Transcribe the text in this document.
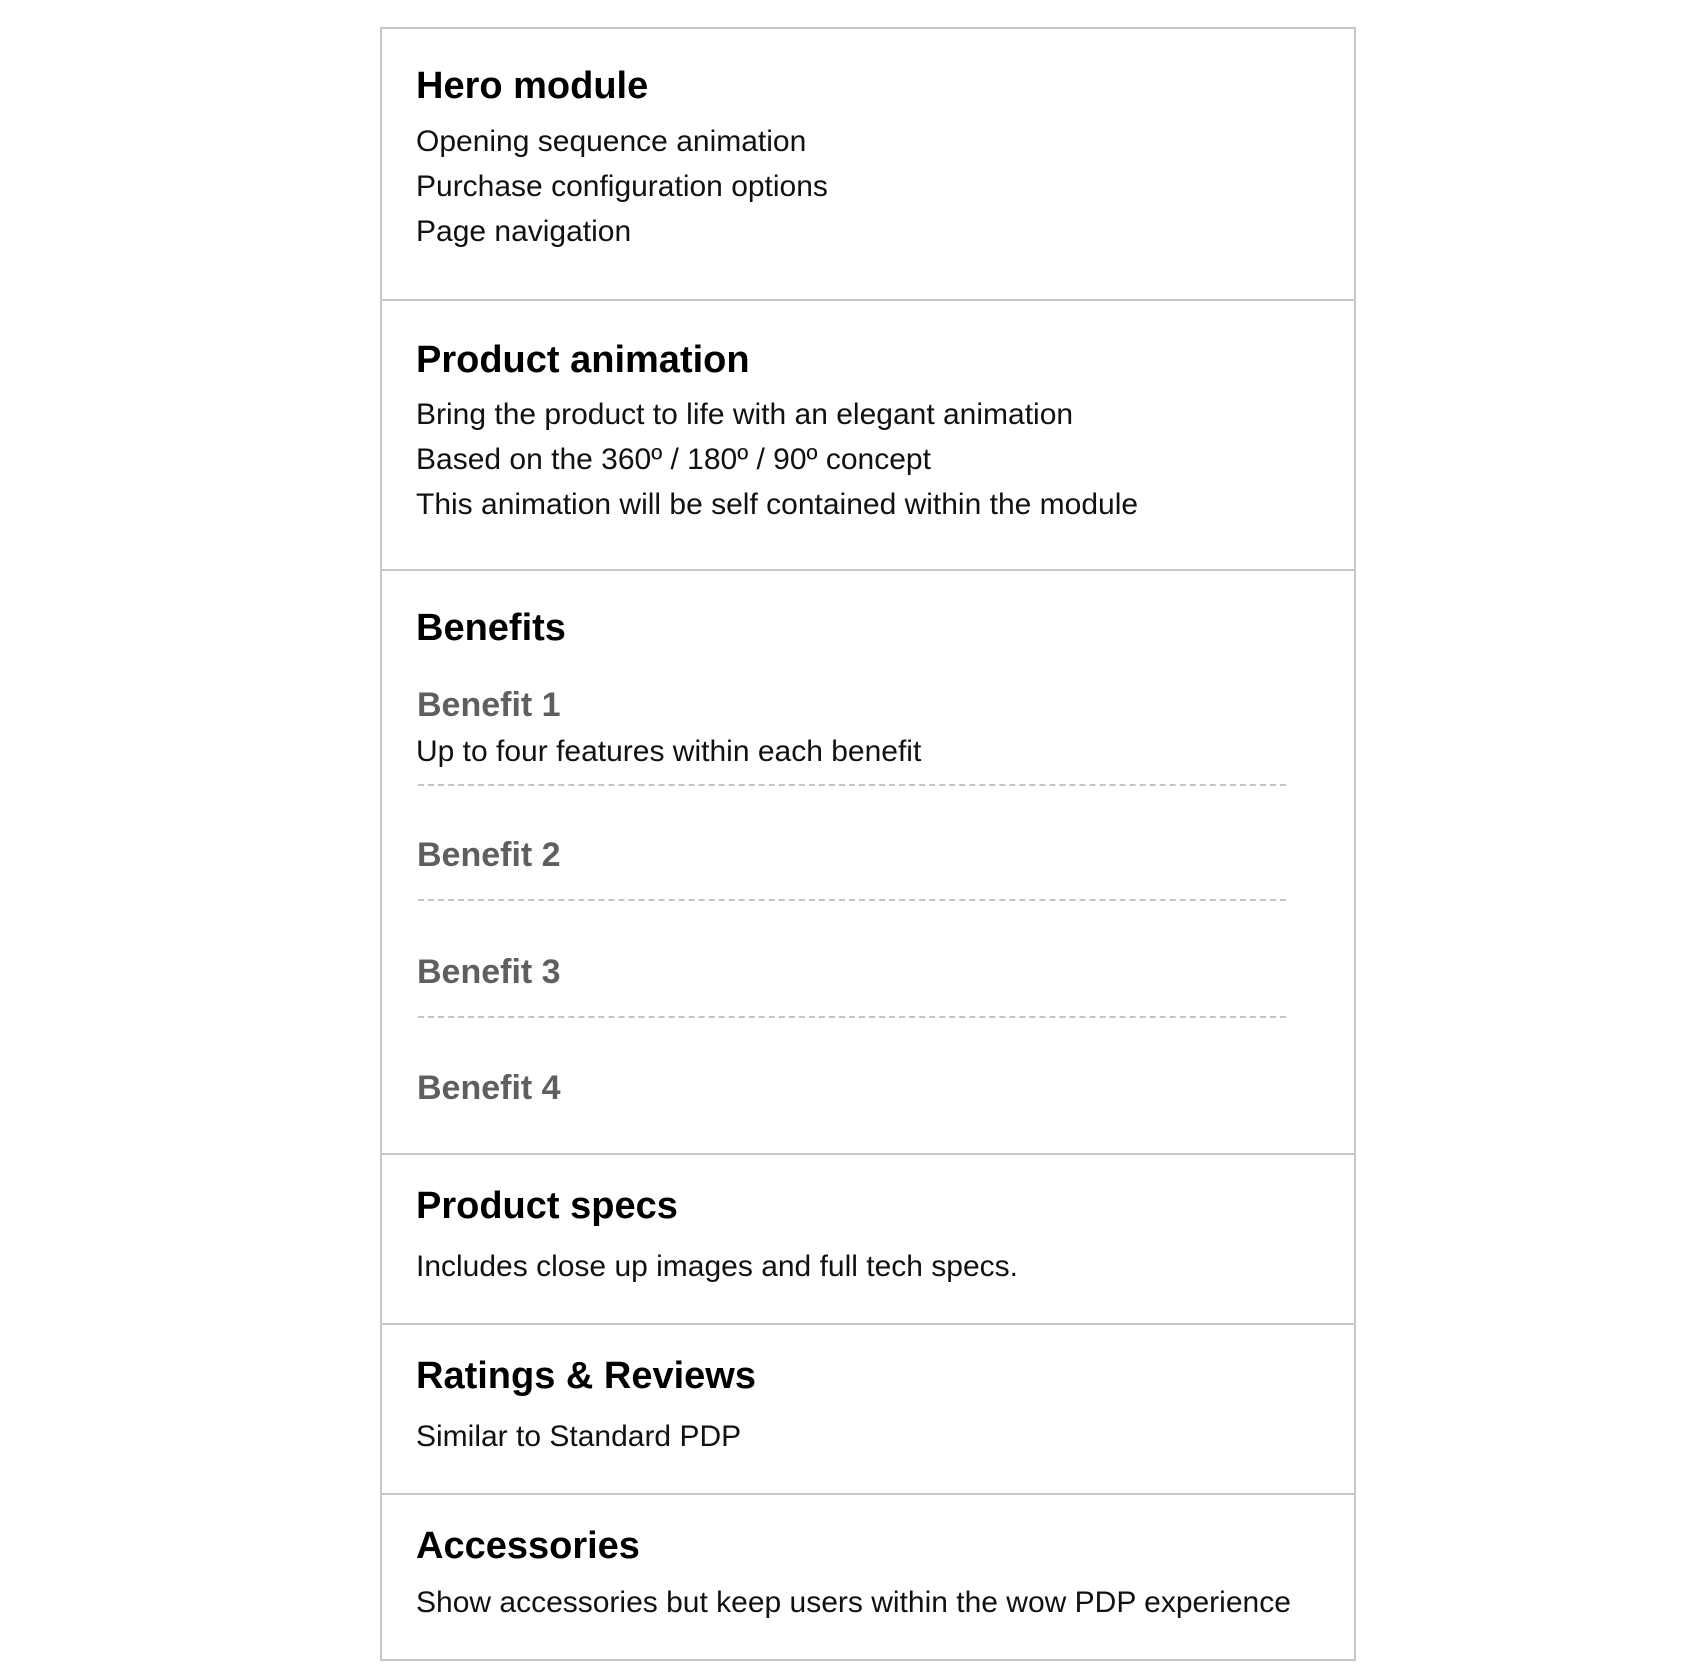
Hero module
Opening sequence animation
Purchase configuration options
Page navigation
Product animation
Bring the product to life with an elegant animation
Based on the 360º / 180º / 90º concept
This animation will be self contained within the module
Benefits
Benefit 1
Up to four features within each benefit
Benefit 2
Benefit 3
Benefit 4
Product specs
Includes close up images and full tech specs.
Ratings & Reviews
Similar to Standard PDP
Accessories
Show accessories but keep users within the wow PDP experience
